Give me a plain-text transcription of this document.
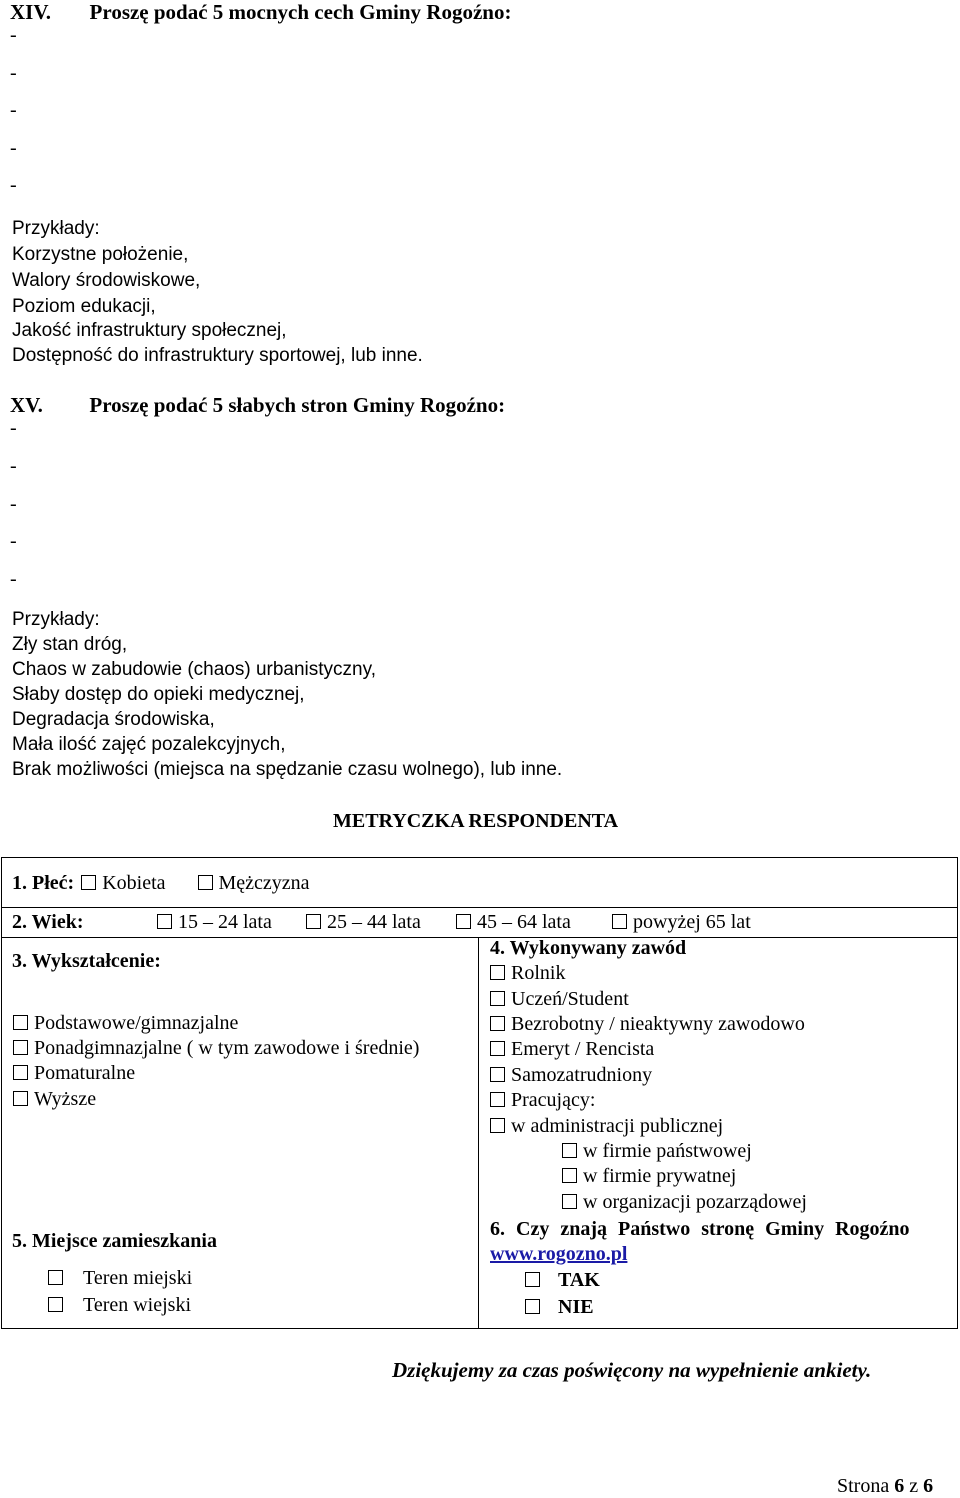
XIV. Proszę podać 5 mocnych cech Gminy Rogoźno:
-
-
-
-
-
Przykłady:
Korzystne położenie,
Walory środowiskowe,
Poziom edukacji,
Jakość infrastruktury społecznej,
Dostępność do infrastruktury sportowej, lub inne.
XV. Proszę podać 5 słabych stron Gminy Rogoźno:
-
-
-
-
-
Przykłady:
Zły stan dróg,
Chaos w zabudowie (chaos) urbanistyczny,
Słaby dostęp do opieki medycznej,
Degradacja środowiska,
Mała ilość zajęć pozalekcyjnych,
Brak możliwości (miejsca na spędzanie czasu wolnego), lub inne.
METRYCZKA RESPONDENTA
1. Płeć: Kobieta	Mężczyzna
2. Wiek:	15 – 24 lata	25 – 44 lata	45 – 64 lata	powyżej 65 lat
3. Wykształcenie:
Podstawowe/gimnazjalne
Ponadgimnazjalne ( w tym zawodowe i średnie)
Pomaturalne
Wyższe
4. Wykonywany zawód
Rolnik
Uczeń/Student
Bezrobotny / nieaktywny zawodowo
Emeryt / Rencista
Samozatrudniony
Pracujący:
w administracji publicznej
w firmie państwowej
w firmie prywatnej
w organizacji pozarządowej
5. Miejsce zamieszkania
Teren miejski
Teren wiejski
6. Czy znają Państwo stronę Gminy Rogoźno
www.rogozno.pl
TAK
NIE
Dziękujemy za czas poświęcony na wypełnienie ankiety.
Strona 6 z 6
